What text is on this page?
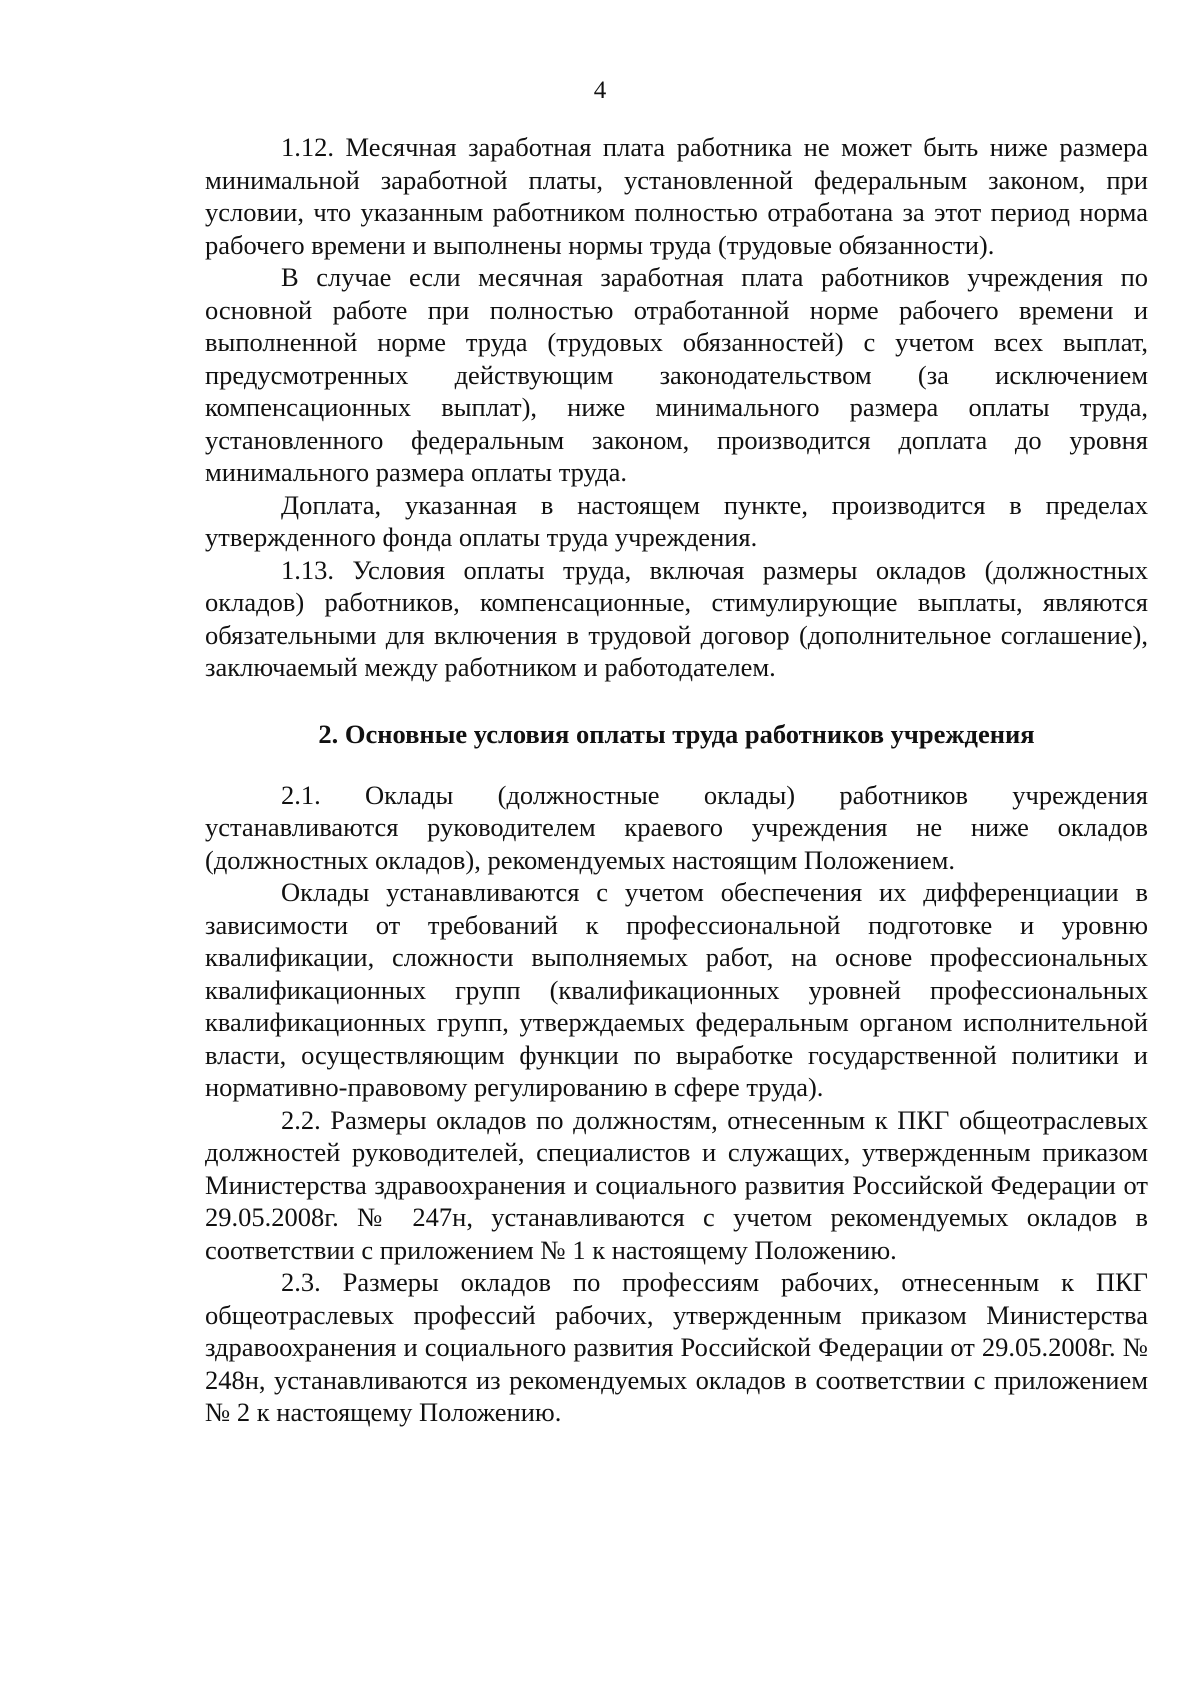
4

1.12. Месячная заработная плата работника не может быть ниже размера минимальной заработной платы, установленной федеральным законом, при условии, что указанным работником полностью отработана за этот период норма рабочего времени и выполнены нормы труда (трудовые обязанности).

В случае если месячная заработная плата работников учреждения по основной работе при полностью отработанной норме рабочего времени и выполненной норме труда (трудовых обязанностей) с учетом всех выплат, предусмотренных действующим законодательством (за исключением компенсационных выплат), ниже минимального размера оплаты труда, установленного федеральным законом, производится доплата до уровня минимального размера оплаты труда.

Доплата, указанная в настоящем пункте, производится в пределах утвержденного фонда оплаты труда учреждения.

1.13. Условия оплаты труда, включая размеры окладов (должностных окладов) работников, компенсационные, стимулирующие выплаты, являются обязательными для включения в трудовой договор (дополнительное соглашение), заключаемый между работником и работодателем.

2. Основные условия оплаты труда работников учреждения

2.1. Оклады (должностные оклады) работников учреждения устанавливаются руководителем краевого учреждения не ниже окладов (должностных окладов), рекомендуемых настоящим Положением.

Оклады устанавливаются с учетом обеспечения их дифференциации в зависимости от требований к профессиональной подготовке и уровню квалификации, сложности выполняемых работ, на основе профессиональных квалификационных групп (квалификационных уровней профессиональных квалификационных групп, утверждаемых федеральным органом исполнительной власти, осуществляющим функции по выработке государственной политики и нормативно-правовому регулированию в сфере труда).

2.2. Размеры окладов по должностям, отнесенным к ПКГ общеотраслевых должностей руководителей, специалистов и служащих, утвержденным приказом Министерства здравоохранения и социального развития Российской Федерации от 29.05.2008г. № 247н, устанавливаются с учетом рекомендуемых окладов в соответствии с приложением № 1 к настоящему Положению.

2.3. Размеры окладов по профессиям рабочих, отнесенным к ПКГ общеотраслевых профессий рабочих, утвержденным приказом Министерства здравоохранения и социального развития Российской Федерации от 29.05.2008г. № 248н, устанавливаются из рекомендуемых окладов в соответствии с приложением № 2 к настоящему Положению.
